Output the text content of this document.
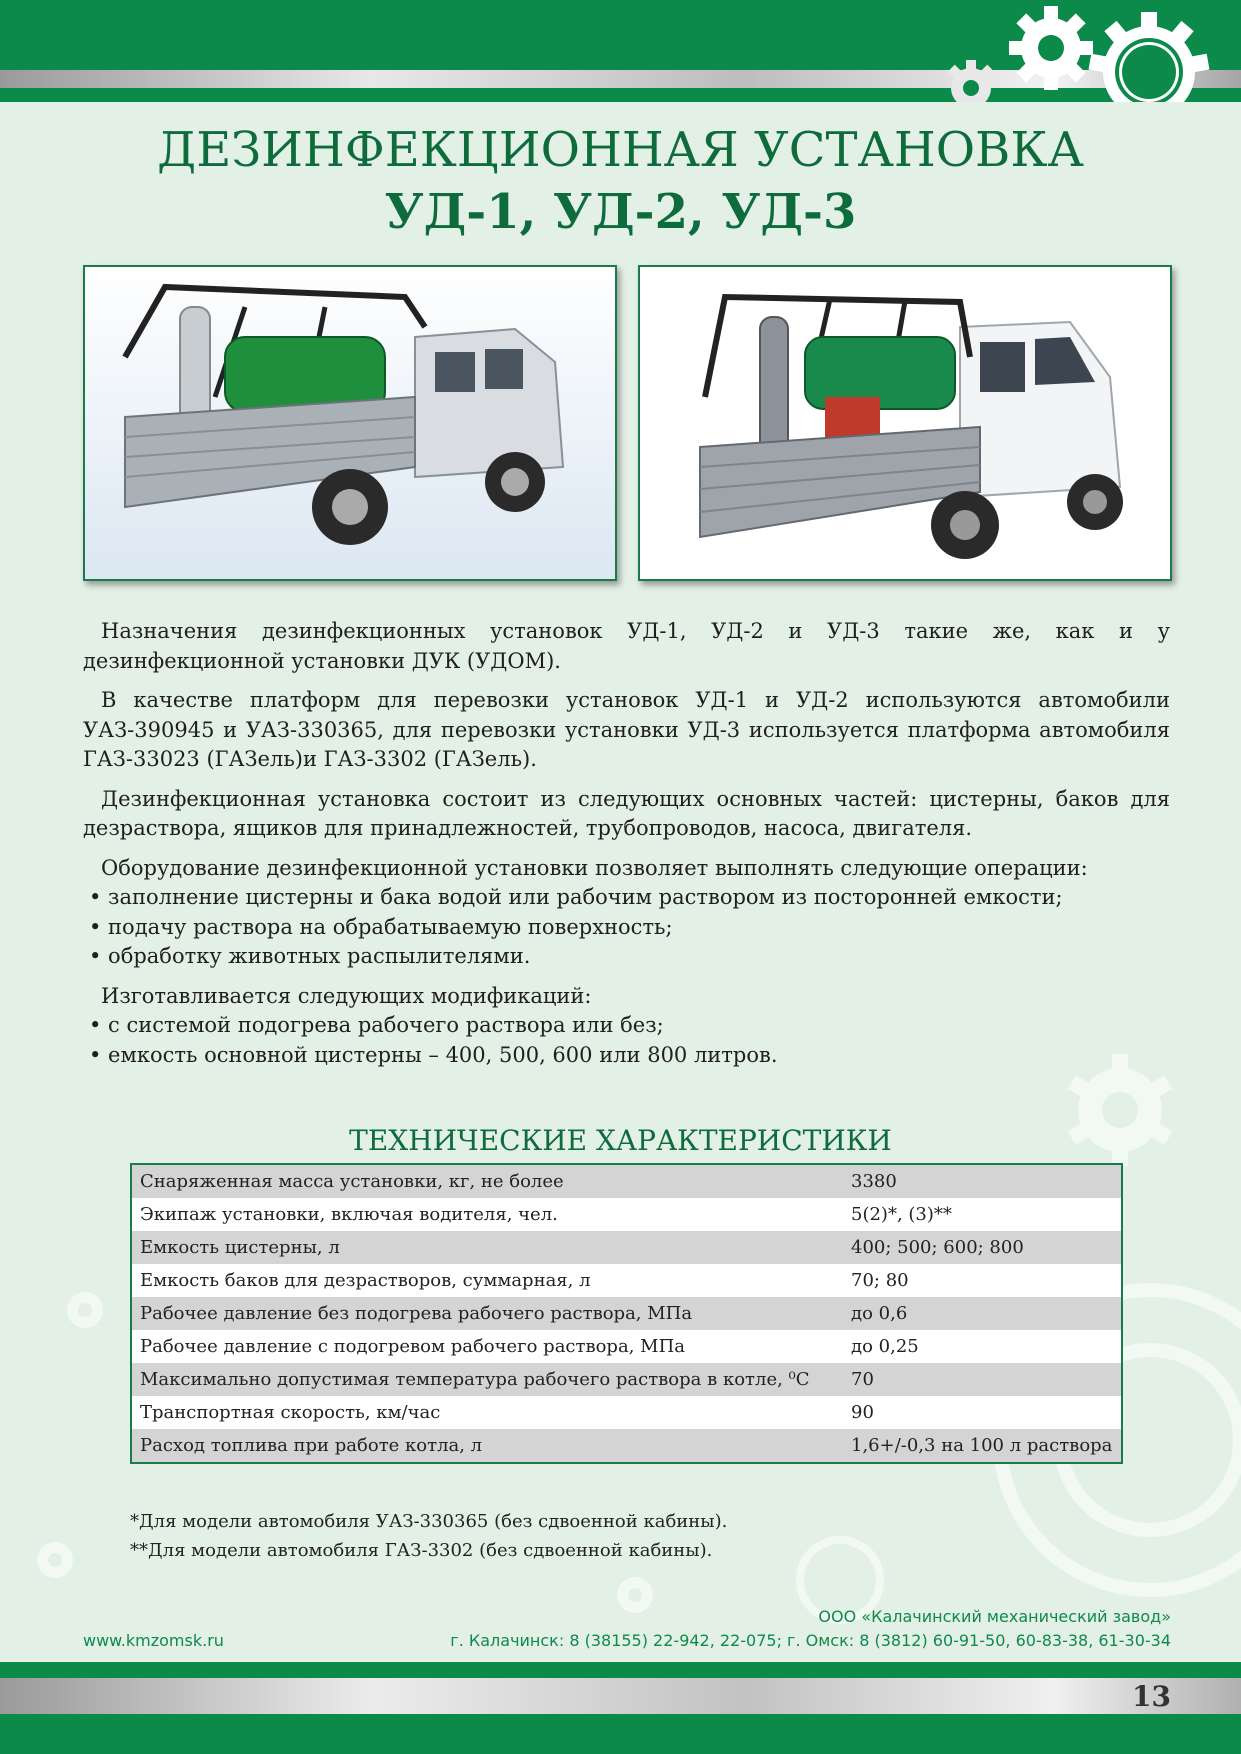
ДЕЗИНФЕКЦИОННАЯ УСТАНОВКА
УД-1, УД-2, УД-3

Назначения дезинфекционных установок УД-1, УД-2 и УД-3 такие же, как и у дезинфекционной установки ДУК (УДОМ).

В качестве платформ для перевозки установок УД-1 и УД-2 используются автомобили УАЗ-390945 и УАЗ-330365, для перевозки установки УД-3 используется платформа автомобиля ГАЗ-33023 (ГАЗель)и ГАЗ-3302 (ГАЗель).

Дезинфекционная установка состоит из следующих основных частей: цистерны, баков для дезраствора, ящиков для принадлежностей, трубопроводов, насоса, двигателя.

Оборудование дезинфекционной установки позволяет выполнять следующие операции:

• заполнение цистерны и бака водой или рабочим раствором из посторонней емкости;

• подачу раствора на обрабатываемую поверхность;

• обработку животных распылителями.

Изготавливается следующих модификаций:

• с системой подогрева рабочего раствора или без;

• емкость основной цистерны – 400, 500, 600 или 800 литров.

ТЕХНИЧЕСКИЕ ХАРАКТЕРИСТИКИ
Снаряженная масса установки, кг, не более	3380
Экипаж установки, включая водителя, чел.	5(2)*, (3)**
Емкость цистерны, л	400; 500; 600; 800
Емкость баков для дезрастворов, суммарная, л	70; 80
Рабочее давление без подогрева рабочего раствора, МПа	до 0,6
Рабочее давление с подогревом рабочего раствора, МПа	до 0,25
Максимально допустимая температура рабочего раствора в котле, ⁰С	70
Транспортная скорость, км/час	90
Расход топлива при работе котла, л	1,6+/-0,3 на 100 л раствора
*Для модели автомобиля УАЗ-330365 (без сдвоенной кабины).
**Для модели автомобиля ГАЗ-3302 (без сдвоенной кабины).
ООО «Калачинский механический завод»
www.kmzomsk.ru	г. Калачинск: 8 (38155) 22-942, 22-075; г. Омск: 8 (3812) 60-91-50, 60-83-38, 61-30-34
13
